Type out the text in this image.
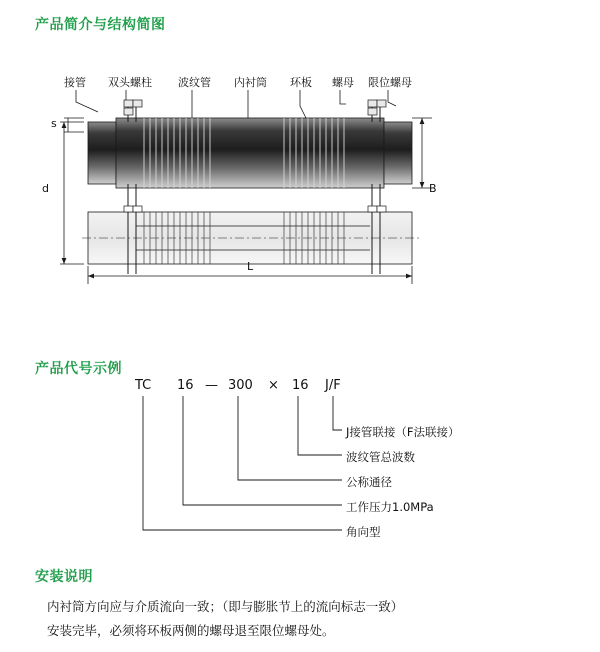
产品简介与结构简图
产品代号示例
安装说明
接管 双头螺柱 波纹管 内衬筒 环板 螺母 限位螺母
s
d	B
L
TC 16 — 300 × 16 J/F
J接管联接（F法联接）
波纹管总波数
公称通径
工作压力1.0MPa
角向型

内衬筒方向应与介质流向一致；（即与膨胀节上的流向标志一致）

安装完毕，必须将环板两侧的螺母退至限位螺母处。
